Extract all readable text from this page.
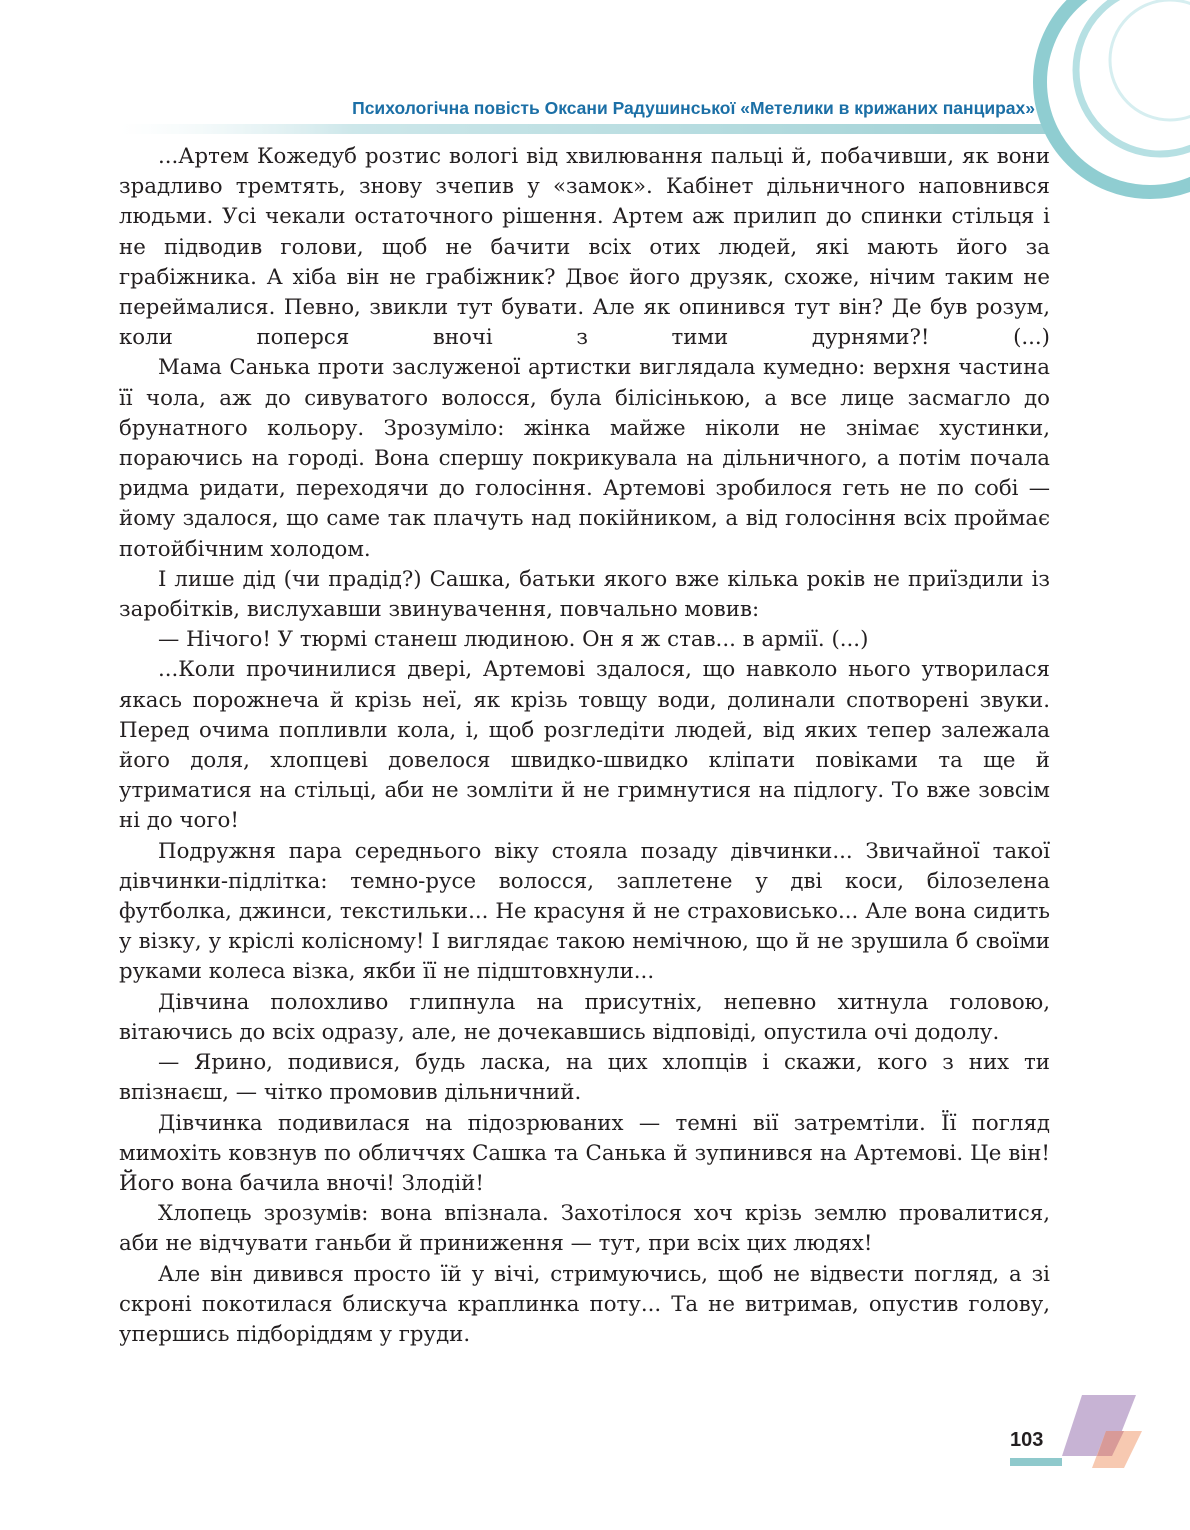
Психологічна повість Оксани Радушинської «Метелики в крижаних панцирах»

...Артем Кожедуб розтис вологі від хвилювання пальці й, побачивши, як вони зрадливо тремтять, знову зчепив у «замок». Кабінет дільничного наповнився людьми. Усі чекали остаточного рішення. Артем аж прилип до спинки стільця і не підводив голови, щоб не бачити всіх отих людей, які мають його за грабіжника. А хіба він не грабіжник? Двоє його друзяк, схоже, нічим таким не переймалися. Певно, звикли тут бувати. Але як опинився тут він? Де був розум, коли поперся вночі з тими дурнями?! (...)

Мама Санька проти заслуженої артистки виглядала кумедно: верхня частина її чола, аж до сивуватого волосся, була білісінькою, а все лице засмагло до брунатного кольору. Зрозуміло: жінка майже ніколи не знімає хустинки, пораючись на городі. Вона спершу покрикувала на дільничного, а потім почала ридма ридати, переходячи до голосіння. Артемові зробилося геть не по собі — йому здалося, що саме так плачуть над покійником, а від голосіння всіх проймає потойбічним холодом.

І лише дід (чи прадід?) Сашка, батьки якого вже кілька років не приїздили із заробітків, вислухавши звинувачення, повчально мовив:

— Нічого! У тюрмі станеш людиною. Он я ж став... в армії. (...)

...Коли прочинилися двері, Артемові здалося, що навколо нього утворилася якась порожнеча й крізь неї, як крізь товщу води, долинали спотворені звуки. Перед очима попливли кола, і, щоб розгледіти людей, від яких тепер залежала його доля, хлопцеві довелося швидко-швидко кліпати повіками та ще й утриматися на стільці, аби не зомліти й не гримнутися на підлогу. То вже зовсім ні до чого!

Подружня пара середнього віку стояла позаду дівчинки... Звичайної такої дівчинки-підлітка: темно-русе волосся, заплетене у дві коси, білозелена футболка, джинси, текстильки... Не красуня й не страховисько... Але вона сидить у візку, у кріслі колісному! І виглядає такою немічною, що й не зрушила б своїми руками колеса візка, якби її не підштовхнули...

Дівчина полохливо глипнула на присутніх, непевно хитнула головою, вітаючись до всіх одразу, але, не дочекавшись відповіді, опустила очі додолу.

— Ярино, подивися, будь ласка, на цих хлопців і скажи, кого з них ти впізнаєш, — чітко промовив дільничний.

Дівчинка подивилася на підозрюваних — темні вії затремтіли. Її погляд мимохіть ковзнув по обличчях Сашка та Санька й зупинився на Артемові. Це він! Його вона бачила вночі! Злодій!

Хлопець зрозумів: вона впізнала. Захотілося хоч крізь землю провалитися, аби не відчувати ганьби й приниження — тут, при всіх цих людях!

Але він дивився просто їй у вічі, стримуючись, щоб не відвести погляд, а зі скроні покотилася блискуча краплинка поту... Та не витримав, опустив голову, упершись підборіддям у груди.

103
